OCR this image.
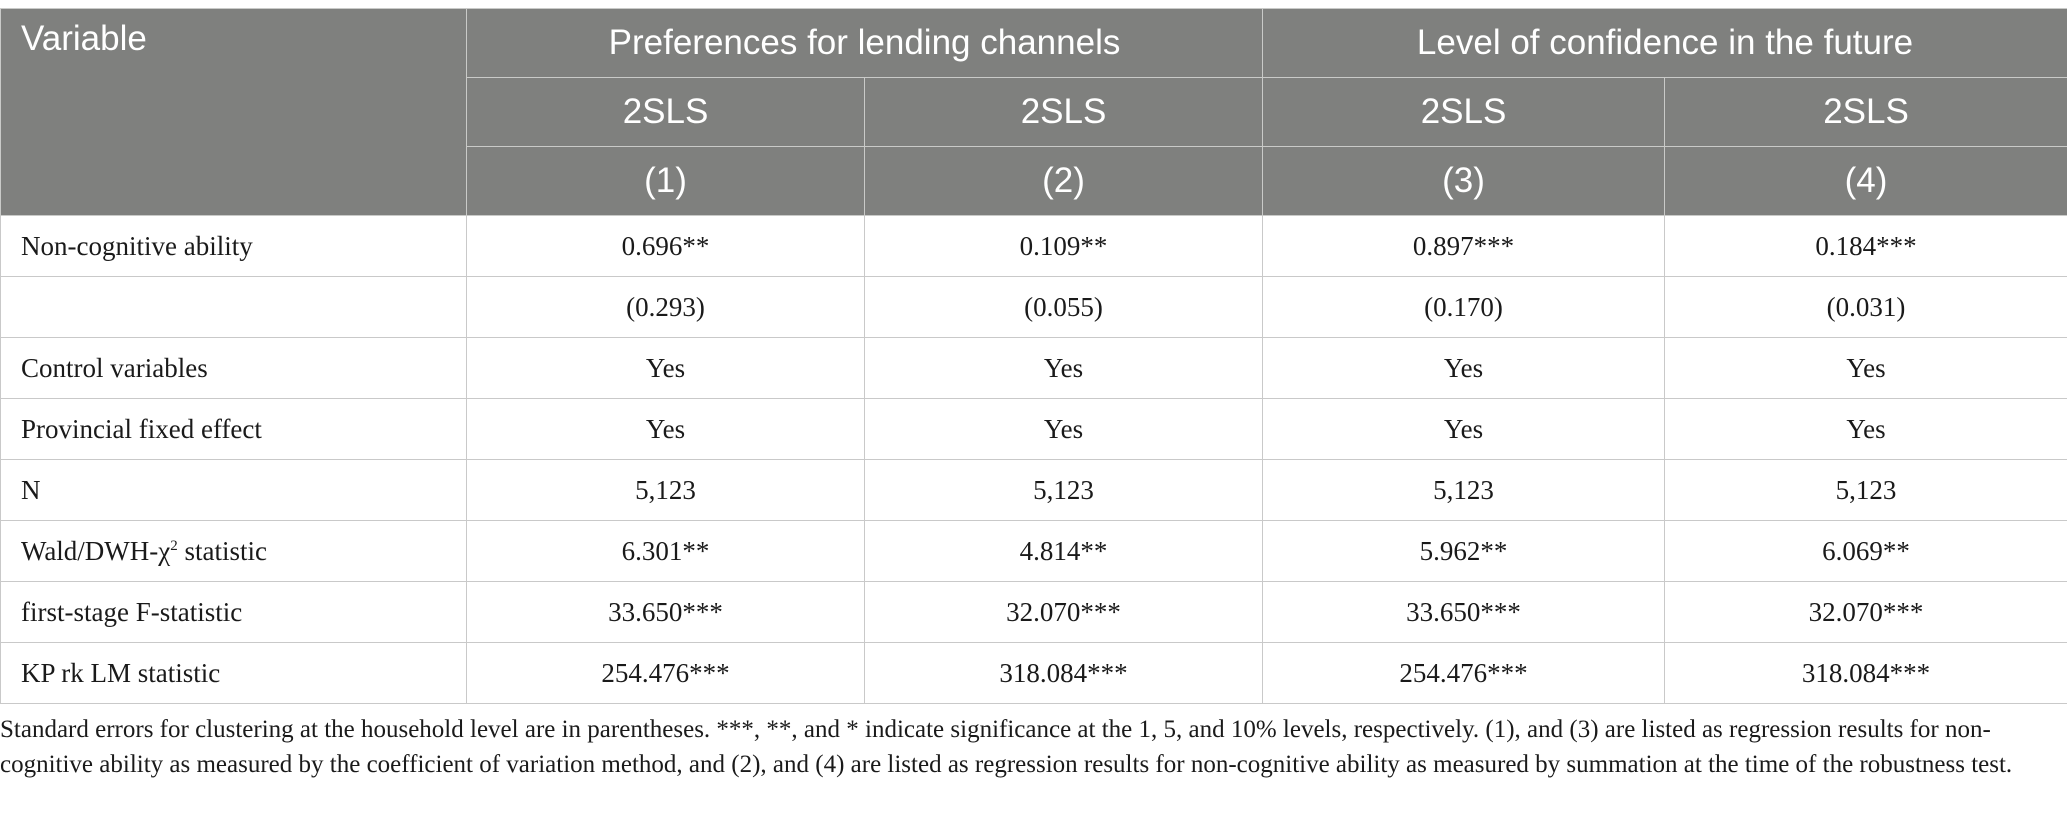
Variable	Preferences for lending channels		Level of confidence in the future	
	2SLS	2SLS	2SLS	2SLS
	(1)	(2)	(3)	(4)
Non-cognitive ability	0.696**	0.109**	0.897***	0.184***
	(0.293)	(0.055)	(0.170)	(0.031)
Control variables	Yes	Yes	Yes	Yes
Provincial fixed effect	Yes	Yes	Yes	Yes
N	5,123	5,123	5,123	5,123
Wald/$DWH-\chi^2$ statistic	6.301**	4.814**	5.962**	6.069**
first-stage F-statistic	33.650***	32.070***	33.650***	32.070***
KP rk LM statistic	254.476***	318.084***	254.476***	318.084***

Standard errors for clustering at the household level are in parentheses. ***, **, and * indicate significance at the 1, 5, and 10% levels, respectively. (1), and (3) are listed as regression results for non-cognitive ability as measured by the coefficient of variation method, and (2), and (4) are listed as regression results for non-cognitive ability as measured by summation at the time of the robustness test.
